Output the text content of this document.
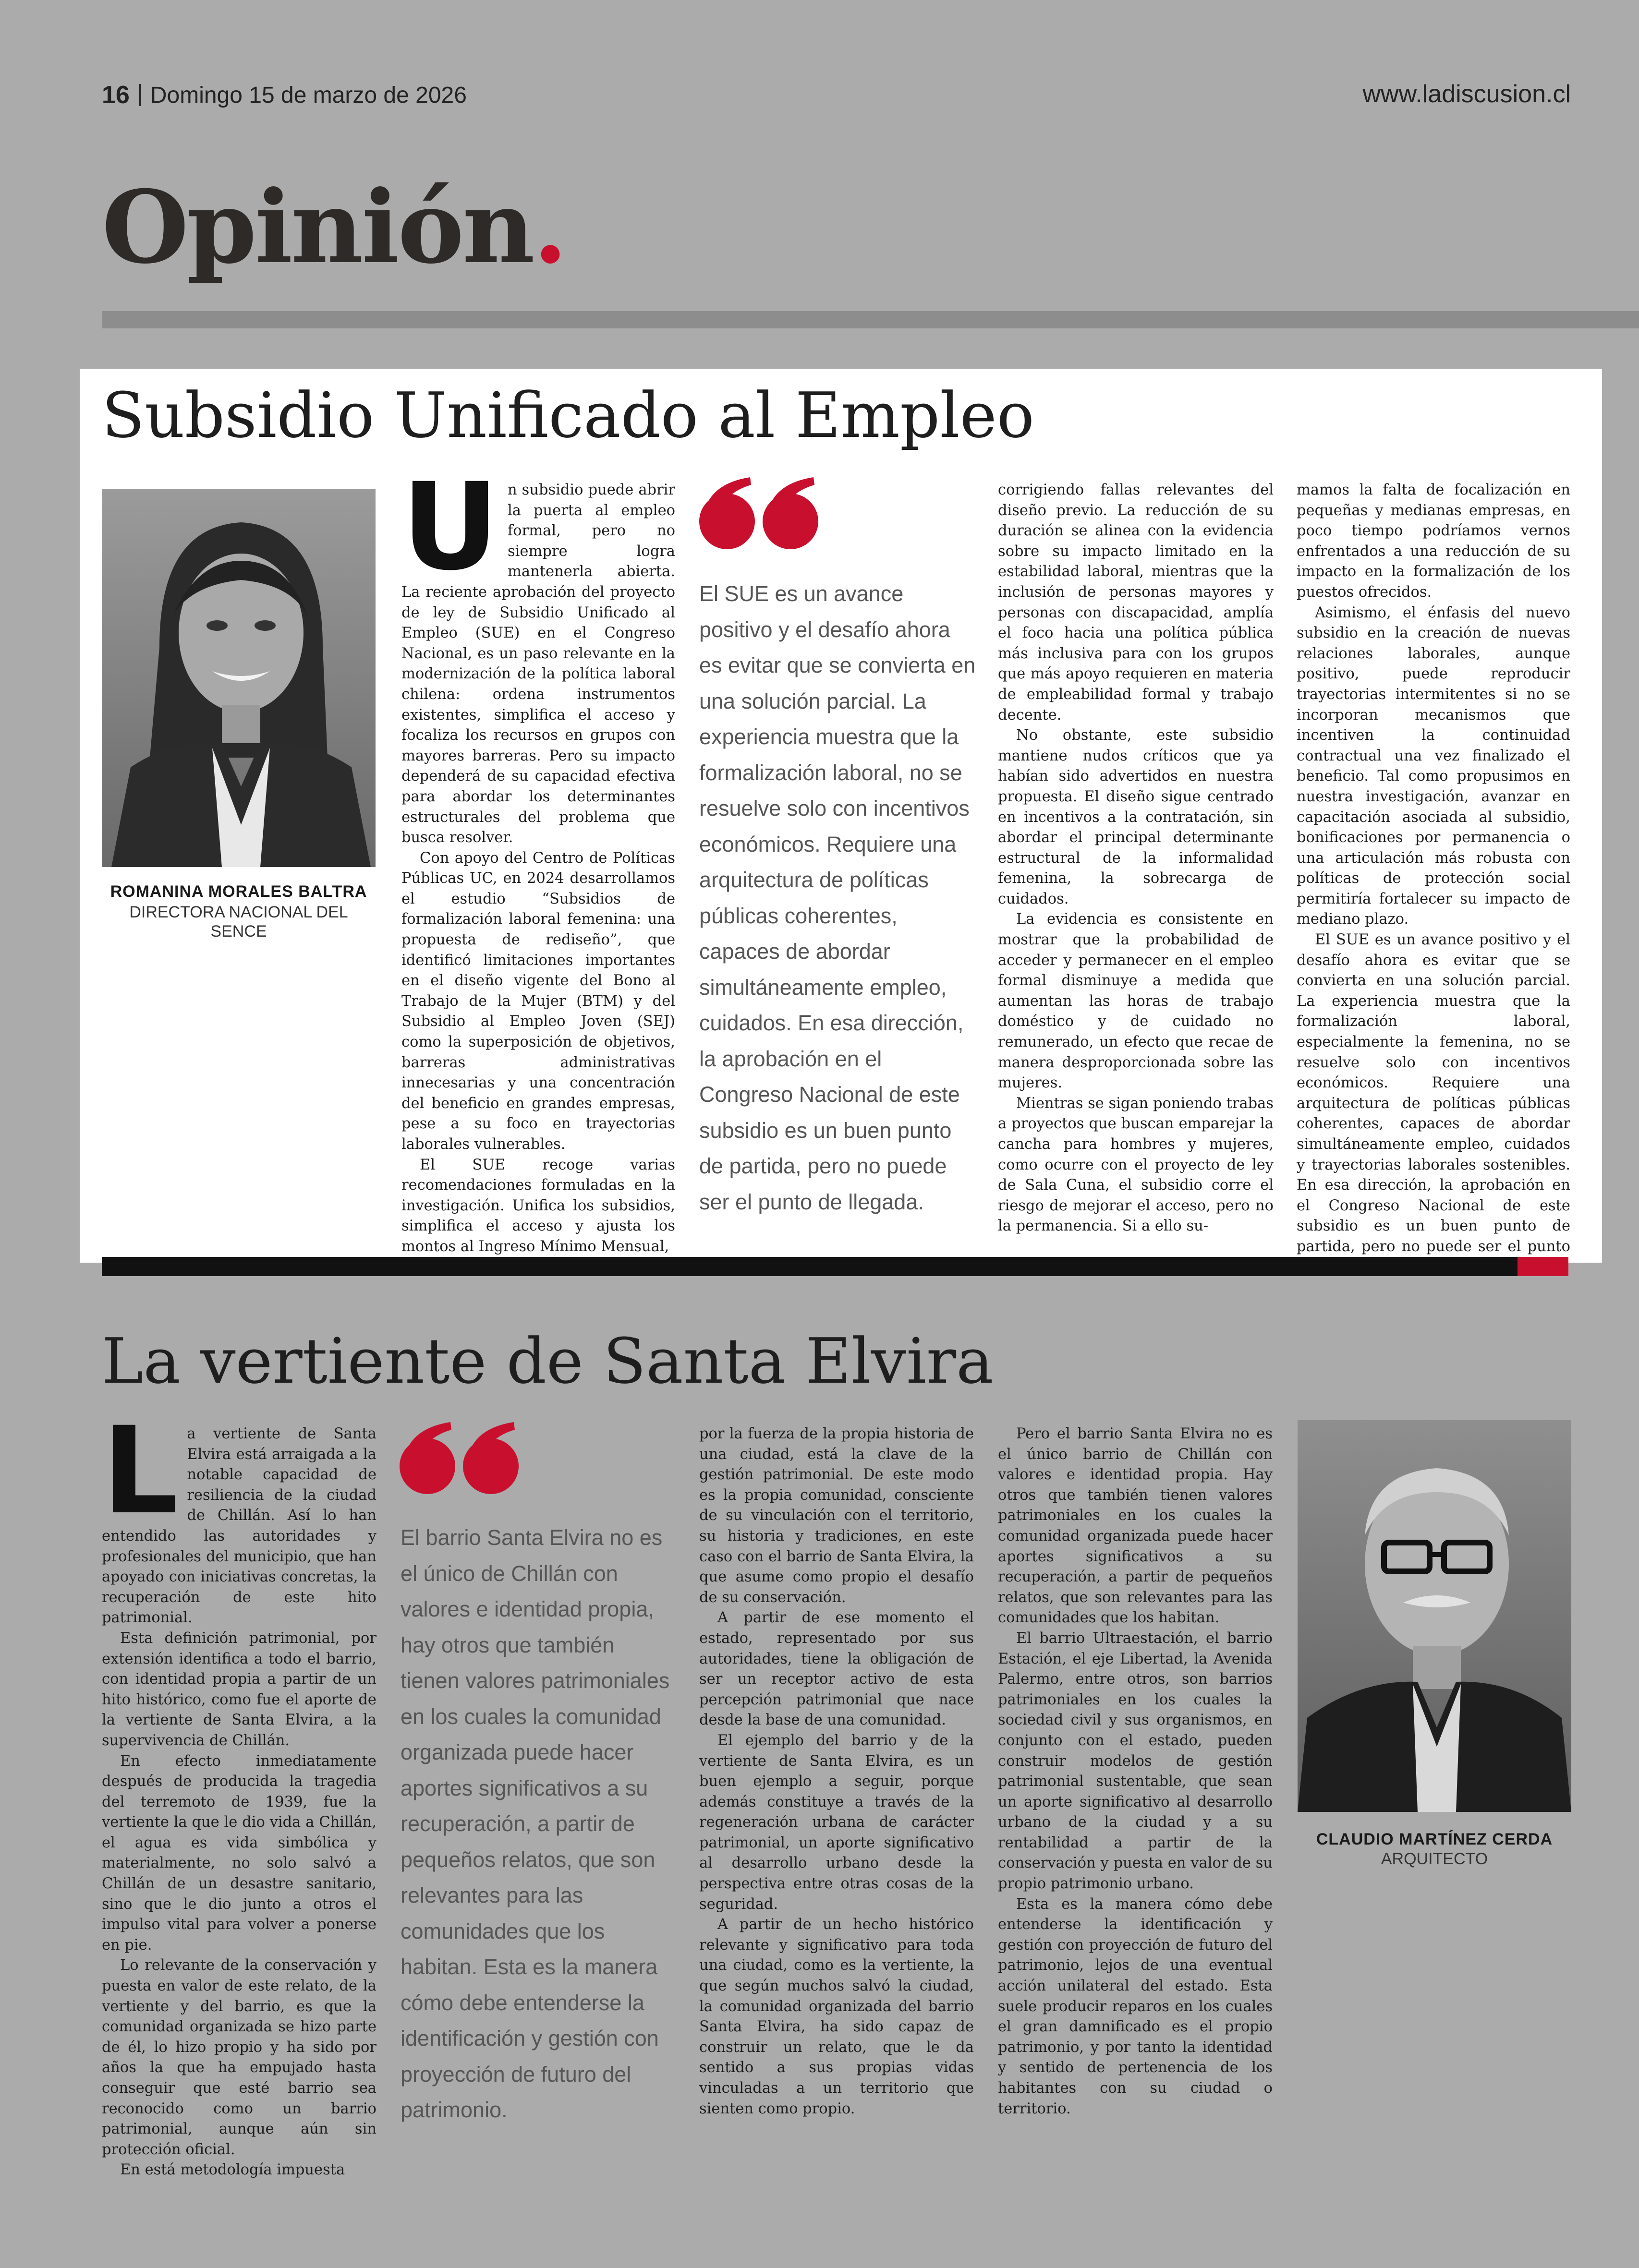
16 Domingo 15 de marzo de 2026	www.ladiscusion.cl
Opinión.
Subsidio Unificado al Empleo
ROMANINA MORALES BALTRA
DIRECTORA NACIONAL DEL SENCE
U n subsidio puede abrir la puerta al empleo formal, pero no siempre logra mantenerla abierta. La reciente aprobación del proyecto de ley de Subsidio Unificado al Empleo (SUE) en el Congreso Nacional, es un paso relevante en la modernización de la política laboral chilena: ordena instrumentos existentes, simplifica el acceso y focaliza los recursos en grupos con mayores barreras. Pero su impacto dependerá de su capacidad efectiva para abordar los determinantes estructurales del problema que busca resolver.

Con apoyo del Centro de Políticas Públicas UC, en 2024 desarrollamos el estudio “Subsidios de formalización laboral femenina: una propuesta de rediseño”, que identificó limitaciones importantes en el diseño vigente del Bono al Trabajo de la Mujer (BTM) y del Subsidio al Empleo Joven (SEJ) como la superposición de objetivos, barreras administrativas innecesarias y una concentración del beneficio en grandes empresas, pese a su foco en trayectorias laborales vulnerables.

El SUE recoge varias recomendaciones formuladas en la investigación. Unifica los subsidios, simplifica el acceso y ajusta los montos al Ingreso Mínimo Mensual,

El SUE es un avance positivo y el desafío ahora es evitar que se convierta en una solución parcial. La experiencia muestra que la formalización laboral, no se resuelve solo con incentivos económicos. Requiere una arquitectura de políticas públicas coherentes, capaces de abordar simultáneamente empleo, cuidados. En esa dirección, la aprobación en el Congreso Nacional de este subsidio es un buen punto de partida, pero no puede ser el punto de llegada.

corrigiendo fallas relevantes del diseño previo. La reducción de su duración se alinea con la evidencia sobre su impacto limitado en la estabilidad laboral, mientras que la inclusión de personas mayores y personas con discapacidad, amplía el foco hacia una política pública más inclusiva para con los grupos que más apoyo requieren en materia de empleabilidad formal y trabajo decente.

No obstante, este subsidio mantiene nudos críticos que ya habían sido advertidos en nuestra propuesta. El diseño sigue centrado en incentivos a la contratación, sin abordar el principal determinante estructural de la informalidad femenina, la sobrecarga de cuidados.

La evidencia es consistente en mostrar que la probabilidad de acceder y permanecer en el empleo formal disminuye a medida que aumentan las horas de trabajo doméstico y de cuidado no remunerado, un efecto que recae de manera desproporcionada sobre las mujeres.

Mientras se sigan poniendo trabas a proyectos que buscan emparejar la cancha para hombres y mujeres, como ocurre con el proyecto de ley de Sala Cuna, el subsidio corre el riesgo de mejorar el acceso, pero no la permanencia. Si a ello su-

mamos la falta de focalización en pequeñas y medianas empresas, en poco tiempo podríamos vernos enfrentados a una reducción de su impacto en la formalización de los puestos ofrecidos.

Asimismo, el énfasis del nuevo subsidio en la creación de nuevas relaciones laborales, aunque positivo, puede reproducir trayectorias intermitentes si no se incorporan mecanismos que incentiven la continuidad contractual una vez finalizado el beneficio. Tal como propusimos en nuestra investigación, avanzar en capacitación asociada al subsidio, bonificaciones por permanencia o una articulación más robusta con políticas de protección social permitiría fortalecer su impacto de mediano plazo.

El SUE es un avance positivo y el desafío ahora es evitar que se convierta en una solución parcial. La experiencia muestra que la formalización laboral, especialmente la femenina, no se resuelve solo con incentivos económicos. Requiere una arquitectura de políticas públicas coherentes, capaces de abordar simultáneamente empleo, cuidados y trayectorias laborales sostenibles. En esa dirección, la aprobación en el Congreso Nacional de este subsidio es un buen punto de partida, pero no puede ser el punto

La vertiente de Santa Elvira
L a vertiente de Santa Elvira está arraigada a la notable capacidad de resiliencia de la ciudad de Chillán. Así lo han entendido las autoridades y profesionales del municipio, que han apoyado con iniciativas concretas, la recuperación de este hito patrimonial.

Esta definición patrimonial, por extensión identifica a todo el barrio, con identidad propia a partir de un hito histórico, como fue el aporte de la vertiente de Santa Elvira, a la supervivencia de Chillán.

En efecto inmediatamente después de producida la tragedia del terremoto de 1939, fue la vertiente la que le dio vida a Chillán, el agua es vida simbólica y materialmente, no solo salvó a Chillán de un desastre sanitario, sino que le dio junto a otros el impulso vital para volver a ponerse en pie.

Lo relevante de la conservación y puesta en valor de este relato, de la vertiente y del barrio, es que la comunidad organizada se hizo parte de él, lo hizo propio y ha sido por años la que ha empujado hasta conseguir que esté barrio sea reconocido como un barrio patrimonial, aunque aún sin protección oficial.

En está metodología impuesta

El barrio Santa Elvira no es el único de Chillán con valores e identidad propia, hay otros que también tienen valores patrimoniales en los cuales la comunidad organizada puede hacer aportes significativos a su recuperación, a partir de pequeños relatos, que son relevantes para las comunidades que los habitan. Esta es la manera cómo debe entenderse la identificación y gestión con proyección de futuro del patrimonio.

por la fuerza de la propia historia de una ciudad, está la clave de la gestión patrimonial. De este modo es la propia comunidad, consciente de su vinculación con el territorio, su historia y tradiciones, en este caso con el barrio de Santa Elvira, la que asume como propio el desafío de su conservación.

A partir de ese momento el estado, representado por sus autoridades, tiene la obligación de ser un receptor activo de esta percepción patrimonial que nace desde la base de una comunidad.

El ejemplo del barrio y de la vertiente de Santa Elvira, es un buen ejemplo a seguir, porque además constituye a través de la regeneración urbana de carácter patrimonial, un aporte significativo al desarrollo urbano desde la perspectiva entre otras cosas de la seguridad.

A partir de un hecho histórico relevante y significativo para toda una ciudad, como es la vertiente, la que según muchos salvó la ciudad, la comunidad organizada del barrio Santa Elvira, ha sido capaz de construir un relato, que le da sentido a sus propias vidas vinculadas a un territorio que sienten como propio.

Pero el barrio Santa Elvira no es el único barrio de Chillán con valores e identidad propia. Hay otros que también tienen valores patrimoniales en los cuales la comunidad organizada puede hacer aportes significativos a su recuperación, a partir de pequeños relatos, que son relevantes para las comunidades que los habitan.

El barrio Ultraestación, el barrio Estación, el eje Libertad, la Avenida Palermo, entre otros, son barrios patrimoniales en los cuales la sociedad civil y sus organismos, en conjunto con el estado, pueden construir modelos de gestión patrimonial sustentable, que sean un aporte significativo al desarrollo urbano de la ciudad y a su rentabilidad a partir de la conservación y puesta en valor de su propio patrimonio urbano.

Esta es la manera cómo debe entenderse la identificación y gestión con proyección de futuro del patrimonio, lejos de una eventual acción unilateral del estado. Esta suele producir reparos en los cuales el gran damnificado es el propio patrimonio, y por tanto la identidad y sentido de pertenencia de los habitantes con su ciudad o territorio.

CLAUDIO MARTÍNEZ CERDA
ARQUITECTO
